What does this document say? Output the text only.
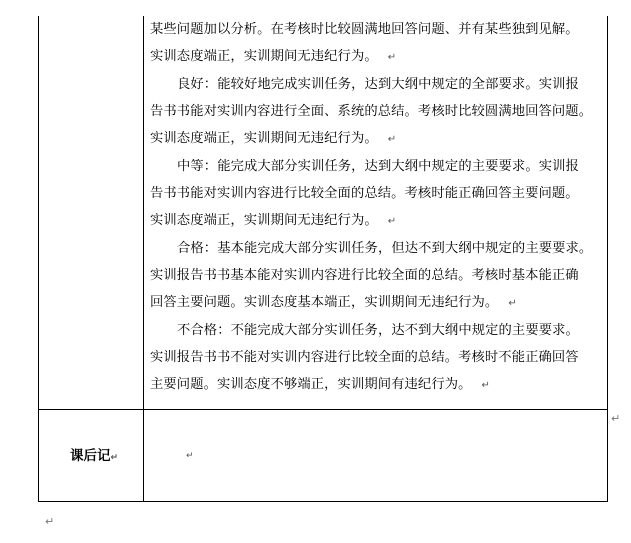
某些问题加以分析。在考核时比较圆满地回答问题、并有某些独到见解。
实训态度端正，实训期间无违纪行为。 ↵
良好：能较好地完成实训任务，达到大纲中规定的全部要求。实训报
告书书能对实训内容进行全面、系统的总结。考核时比较圆满地回答问题。
实训态度端正，实训期间无违纪行为。 ↵
中等：能完成大部分实训任务，达到大纲中规定的主要要求。实训报
告书书能对实训内容进行比较全面的总结。考核时能正确回答主要问题。
实训态度端正，实训期间无违纪行为。 ↵
合格：基本能完成大部分实训任务，但达不到大纲中规定的主要要求。
实训报告书书基本能对实训内容进行比较全面的总结。考核时基本能正确
回答主要问题。实训态度基本端正，实训期间无违纪行为。 ↵
不合格：不能完成大部分实训任务，达不到大纲中规定的主要要求。
实训报告书书不能对实训内容进行比较全面的总结。考核时不能正确回答
主要问题。实训态度不够端正，实训期间有违纪行为。 ↵
课后记↵	↵
↵
↵
